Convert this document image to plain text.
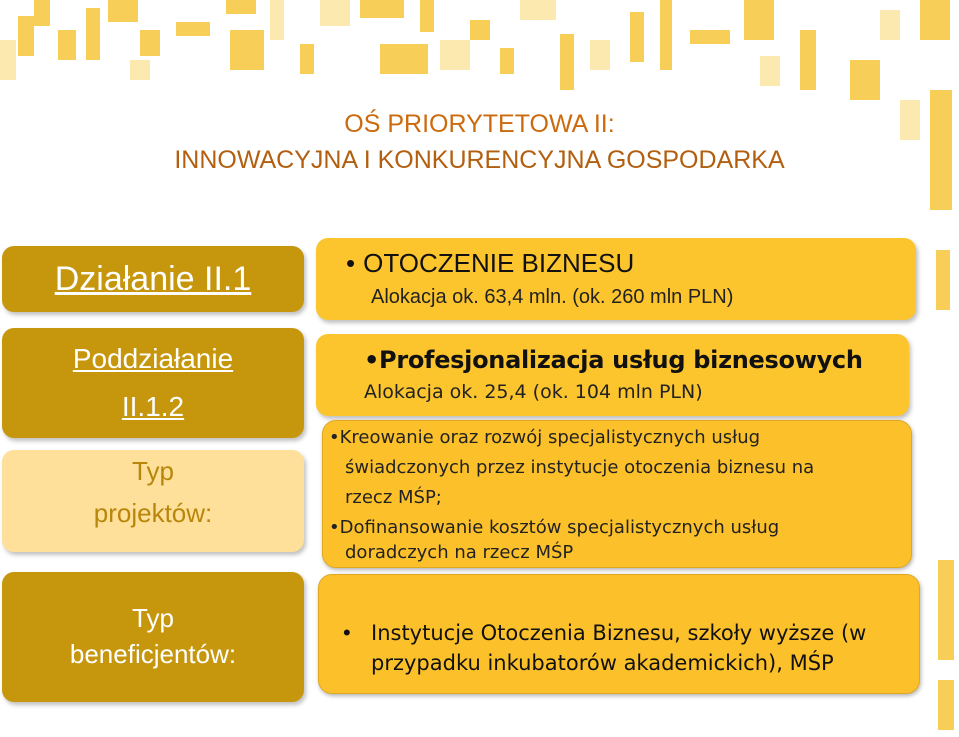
OŚ PRIORYTETOWA II:
INNOWACYJNA I KONKURENCYJNA GOSPODARKA
Działanie II.1
Poddziałanie
II.1.2
Typ
projektów:
Typ
beneficjentów:
• OTOCZENIE BIZNESU
Alokacja ok. 63,4 mln. (ok. 260 mln PLN)
•Profesjonalizacja usług biznesowych
Alokacja ok. 25,4 (ok. 104 mln PLN)
•Kreowanie oraz rozwój specjalistycznych usług
świadczonych przez instytucje otoczenia biznesu na
rzecz MŚP;
•Dofinansowanie kosztów specjalistycznych usług
doradczych na rzecz MŚP
• Instytucje Otoczenia Biznesu, szkoły wyższe (w
przypadku inkubatorów akademickich), MŚP
